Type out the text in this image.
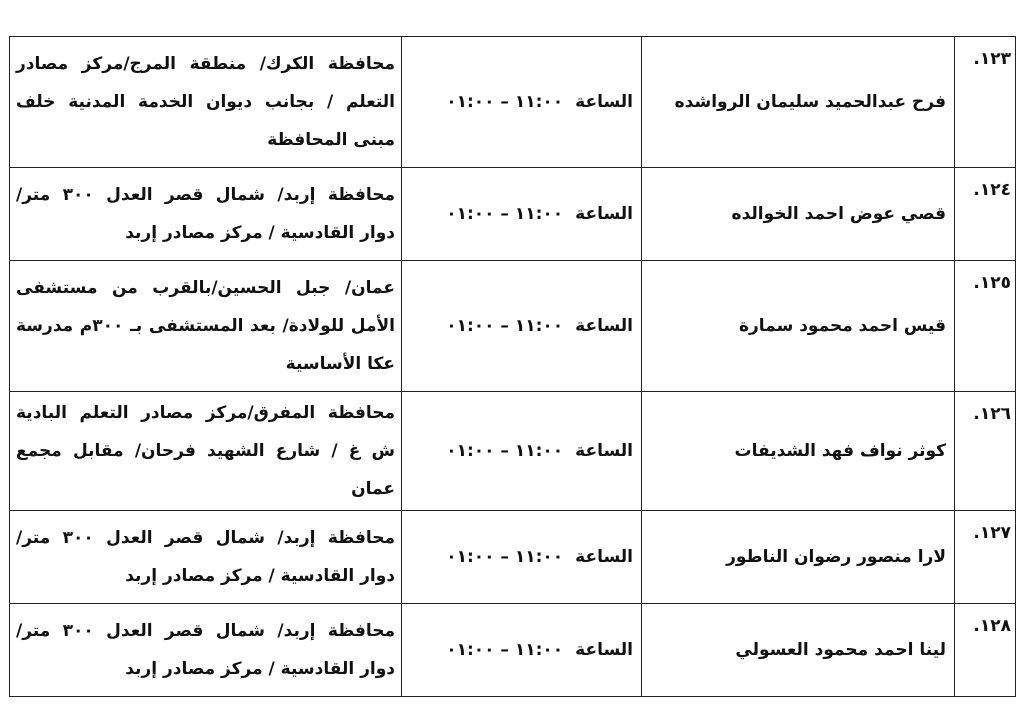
١٢٣.	فرح عبدالحميد سليمان الرواشده	الساعة١١:٠٠ – ٠١:٠٠	محافظة الكرك/ منطقة المرج/مركز مصادر التعلم / بجانب ديوان الخدمة المدنية خلف مبنى المحافظة
١٢٤.	قصي عوض احمد الخوالده	الساعة١١:٠٠ – ٠١:٠٠	محافظة إربد/ شمال قصر العدل ٣٠٠ متر/ دوار القادسية / مركز مصادر إربد
١٢٥.	قيس احمد محمود سمارة	الساعة١١:٠٠ – ٠١:٠٠	عمان/ جبل الحسين/بالقرب من مستشفى الأمل للولادة/ بعد المستشفى بـ ٣٠٠م مدرسة عكا الأساسية
١٢٦.	كوثر نواف فهد الشديفات	الساعة١١:٠٠ – ٠١:٠٠	محافظة المفرق/مركز مصادر التعلم البادية ش غ / شارع الشهيد فرحان/ مقابل مجمع عمان
١٢٧.	لارا منصور رضوان الناطور	الساعة١١:٠٠ – ٠١:٠٠	محافظة إربد/ شمال قصر العدل ٣٠٠ متر/ دوار القادسية / مركز مصادر إربد
١٢٨.	لينا احمد محمود العسولي	الساعة١١:٠٠ – ٠١:٠٠	محافظة إربد/ شمال قصر العدل ٣٠٠ متر/ دوار القادسية / مركز مصادر إربد
